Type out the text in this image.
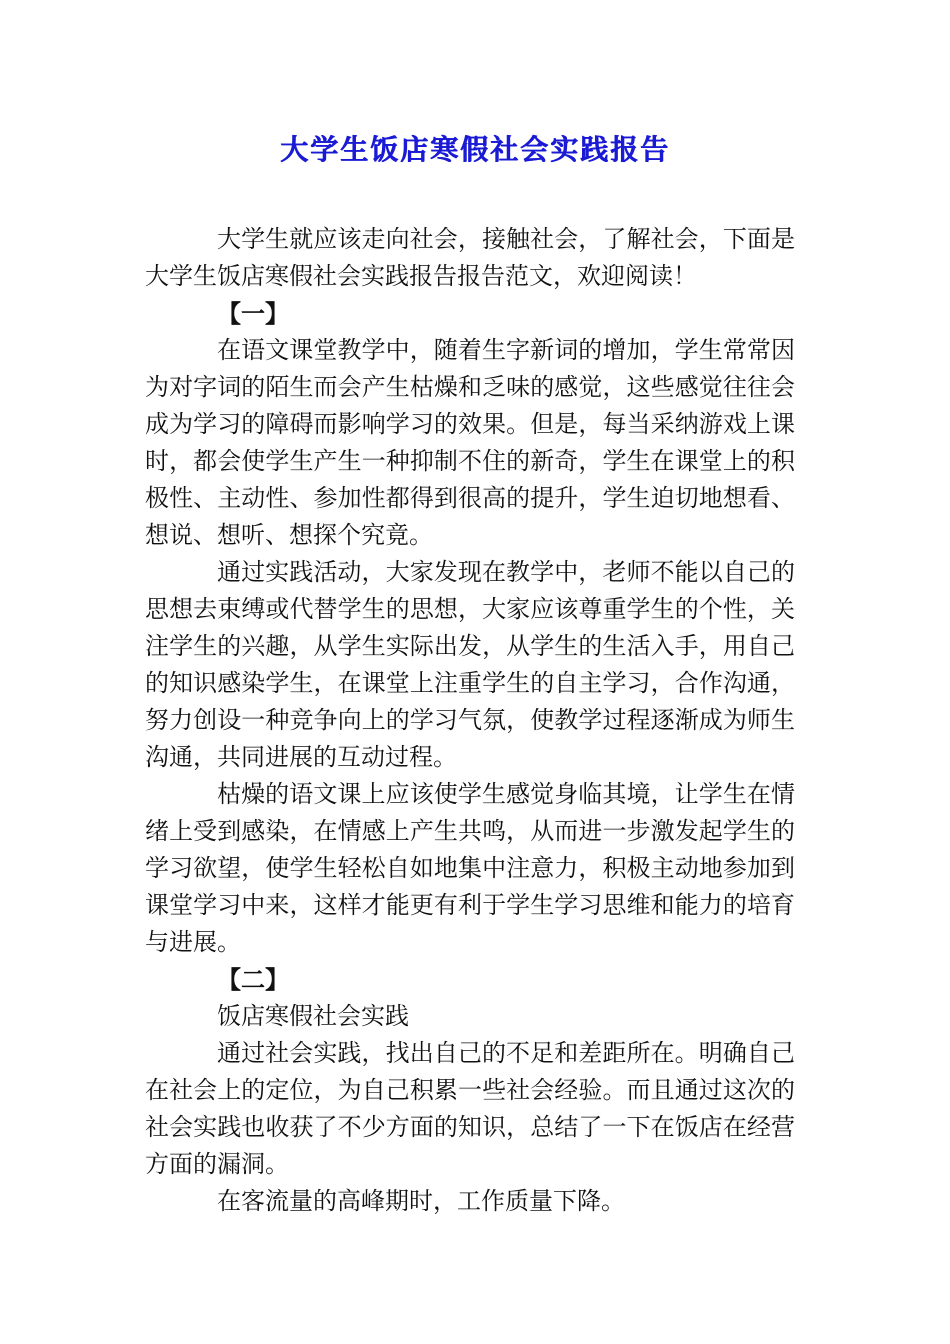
大学生饭店寒假社会实践报告

大学生就应该走向社会，接触社会，了解社会，下面是大学生饭店寒假社会实践报告报告范文，欢迎阅读！

【一】

在语文课堂教学中，随着生字新词的增加，学生常常因为对字词的陌生而会产生枯燥和乏味的感觉，这些感觉往往会成为学习的障碍而影响学习的效果。但是，每当采纳游戏上课时，都会使学生产生一种抑制不住的新奇，学生在课堂上的积极性、主动性、参加性都得到很高的提升，学生迫切地想看、想说、想听、想探个究竟。

通过实践活动，大家发现在教学中，老师不能以自己的思想去束缚或代替学生的思想，大家应该尊重学生的个性，关注学生的兴趣，从学生实际出发，从学生的生活入手，用自己的知识感染学生，在课堂上注重学生的自主学习，合作沟通，努力创设一种竞争向上的学习气氛，使教学过程逐渐成为师生沟通，共同进展的互动过程。

枯燥的语文课上应该使学生感觉身临其境，让学生在情绪上受到感染，在情感上产生共鸣，从而进一步激发起学生的学习欲望，使学生轻松自如地集中注意力，积极主动地参加到课堂学习中来，这样才能更有利于学生学习思维和能力的培育与进展。

【二】

饭店寒假社会实践

通过社会实践，找出自己的不足和差距所在。明确自己在社会上的定位，为自己积累一些社会经验。而且通过这次的社会实践也收获了不少方面的知识，总结了一下在饭店在经营方面的漏洞。

在客流量的高峰期时，工作质量下降。
